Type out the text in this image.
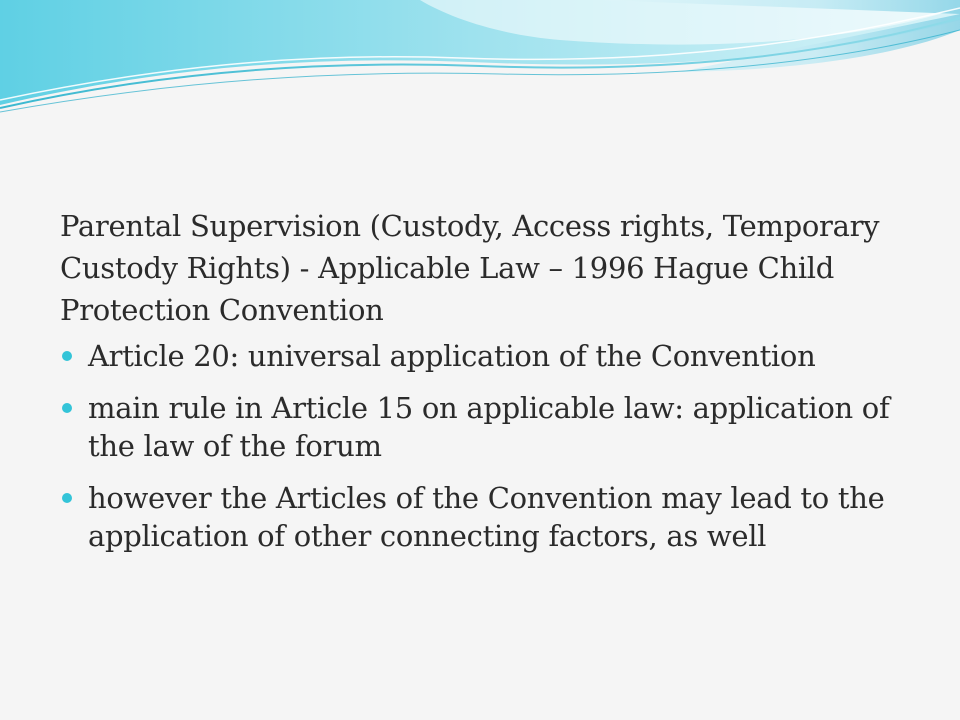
Parental Supervision (Custody, Access rights, Temporary Custody Rights) - Applicable Law – 1996 Hague Child Protection Convention

Article 20: universal application of the Convention
main rule in Article 15 on applicable law: application of the law of the forum
however the Articles of the Convention may lead to the application of other connecting factors, as well
